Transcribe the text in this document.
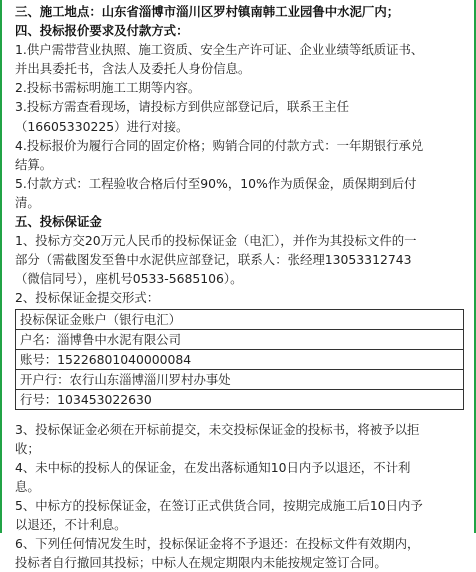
三、施工地点：山东省淄博市淄川区罗村镇南韩工业园鲁中水泥厂内；
四、投标报价要求及付款方式：
1.供户需带营业执照、施工资质、安全生产许可证、企业业绩等纸质证书、
并出具委托书，含法人及委托人身份信息。
2.投标书需标明施工工期等内容。
3.投标方需查看现场，请投标方到供应部登记后，联系王主任
（16605330225）进行对接。
4.投标报价为履行合同的固定价格；购销合同的付款方式：一年期银行承兑
结算。
5.付款方式：工程验收合格后付至90%，10%作为质保金，质保期到后付
清。
五、投标保证金
1、投标方交20万元人民币的投标保证金（电汇），并作为其投标文件的一
部分（需截图发至鲁中水泥供应部登记，联系人：张经理13053312743
（微信同号），座机号0533-5685106）。
2、投标保证金提交形式：
投标保证金账户（银行电汇）
户名：淄博鲁中水泥有限公司
账号：15226801040000084
开户行：农行山东淄博淄川罗村办事处
行号：103453022630
3、投标保证金必须在开标前提交，未交投标保证金的投标书，将被予以拒
收；
4、未中标的投标人的保证金，在发出落标通知10日内予以退还，不计利
息。
5、中标方的投标保证金，在签订正式供货合同，按期完成施工后10日内予
以退还，不计利息。
6、下列任何情况发生时，投标保证金将不予退还：在投标文件有效期内，
投标者自行撤回其投标；中标人在规定期限内未能按规定签订合同。
